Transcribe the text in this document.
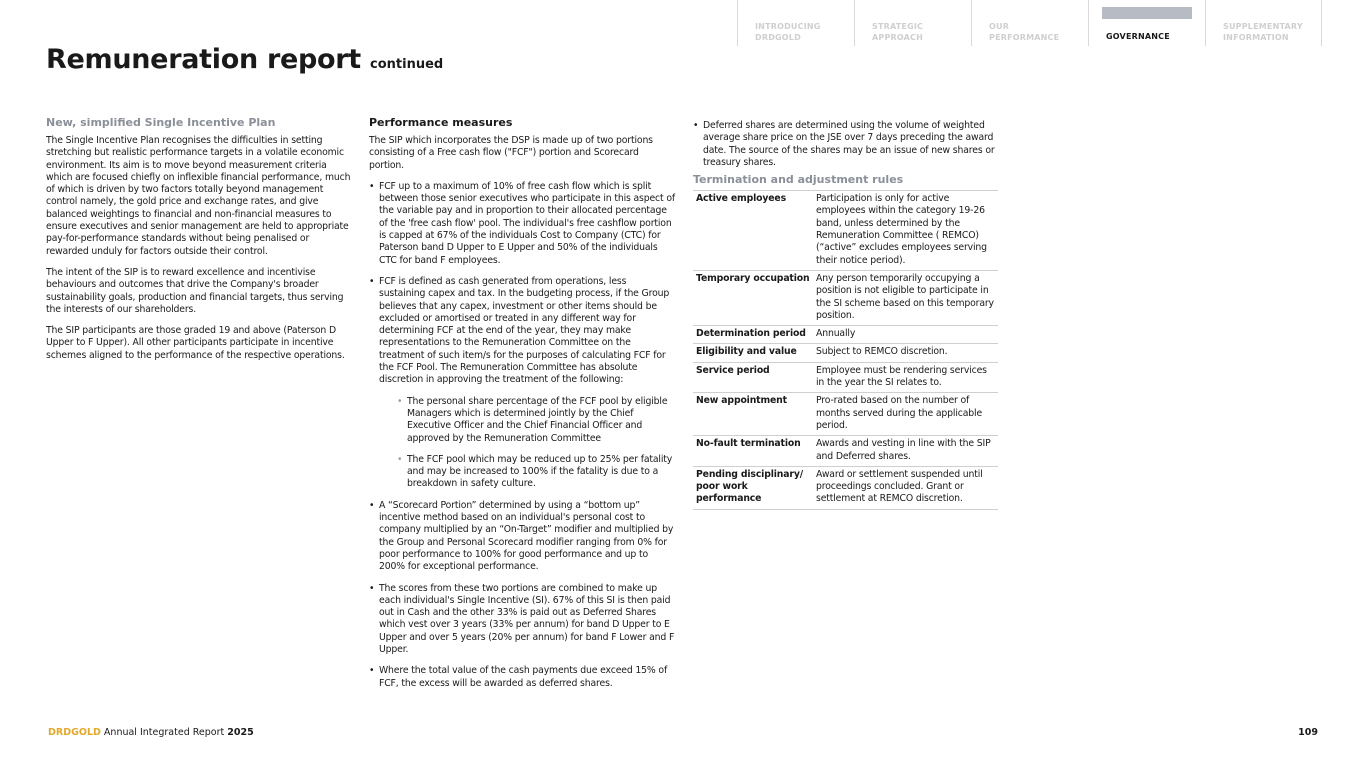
INTRODUCING
DRDGOLD
STRATEGIC
APPROACH
OUR
PERFORMANCE	GOVERNANCE
SUPPLEMENTARY
INFORMATION
Remuneration report continued
New, simplified Single Incentive Plan

The Single Incentive Plan recognises the difficulties in setting stretching but realistic performance targets in a volatile economic environment. Its aim is to move beyond measurement criteria which are focused chiefly on inflexible financial performance, much of which is driven by two factors totally beyond management control namely, the gold price and exchange rates, and give balanced weightings to financial and non-financial measures to ensure executives and senior management are held to appropriate pay-for-performance standards without being penalised or rewarded unduly for factors outside their control.

The intent of the SIP is to reward excellence and incentivise behaviours and outcomes that drive the Company's broader sustainability goals, production and financial targets, thus serving the interests of our shareholders.

The SIP participants are those graded 19 and above (Paterson D Upper to F Upper). All other participants participate in incentive schemes aligned to the performance of the respective operations.

Performance measures

The SIP which incorporates the DSP is made up of two portions consisting of a Free cash flow ("FCF") portion and Scorecard portion.

• FCF up to a maximum of 10% of free cash flow which is split between those senior executives who participate in this aspect of the variable pay and in proportion to their allocated percentage of the 'free cash flow' pool. The individual's free cashflow portion is capped at 67% of the individuals Cost to Company (CTC) for Paterson band D Upper to E Upper and 50% of the individuals CTC for band F employees.
• FCF is defined as cash generated from operations, less sustaining capex and tax. In the budgeting process, if the Group believes that any capex, investment or other items should be excluded or amortised or treated in any different way for determining FCF at the end of the year, they may make representations to the Remuneration Committee on the treatment of such item/s for the purposes of calculating FCF for the FCF Pool. The Remuneration Committee has absolute discretion in approving the treatment of the following:
• The personal share percentage of the FCF pool by eligible Managers which is determined jointly by the Chief Executive Officer and the Chief Financial Officer and approved by the Remuneration Committee
• The FCF pool which may be reduced up to 25% per fatality and may be increased to 100% if the fatality is due to a breakdown in safety culture.
• A “Scorecard Portion” determined by using a “bottom up” incentive method based on an individual's personal cost to company multiplied by an “On-Target” modifier and multiplied by the Group and Personal Scorecard modifier ranging from 0% for poor performance to 100% for good performance and up to 200% for exceptional performance.
• The scores from these two portions are combined to make up each individual's Single Incentive (SI). 67% of this SI is then paid out in Cash and the other 33% is paid out as Deferred Shares which vest over 3 years (33% per annum) for band D Upper to E Upper and over 5 years (20% per annum) for band F Lower and F Upper.
• Where the total value of the cash payments due exceed 15% of FCF, the excess will be awarded as deferred shares.
• Deferred shares are determined using the volume of weighted average share price on the JSE over 7 days preceding the award date. The source of the shares may be an issue of new shares or treasury shares.
Termination and adjustment rules
Active employees	Participation is only for active employees within the category 19-26 band, unless determined by the Remuneration Committee ( REMCO) (“active” excludes employees serving their notice period).
Temporary occupation	Any person temporarily occupying a position is not eligible to participate in the SI scheme based on this temporary position.
Determination period	Annually
Eligibility and value	Subject to REMCO discretion.
Service period	Employee must be rendering services in the year the SI relates to.
New appointment	Pro-rated based on the number of months served during the applicable period.
No-fault termination	Awards and vesting in line with the SIP and Deferred shares.
Pending disciplinary/ poor work performance	Award or settlement suspended until proceedings concluded. Grant or settlement at REMCO discretion.
DRDGOLD Annual Integrated Report 2025	109
